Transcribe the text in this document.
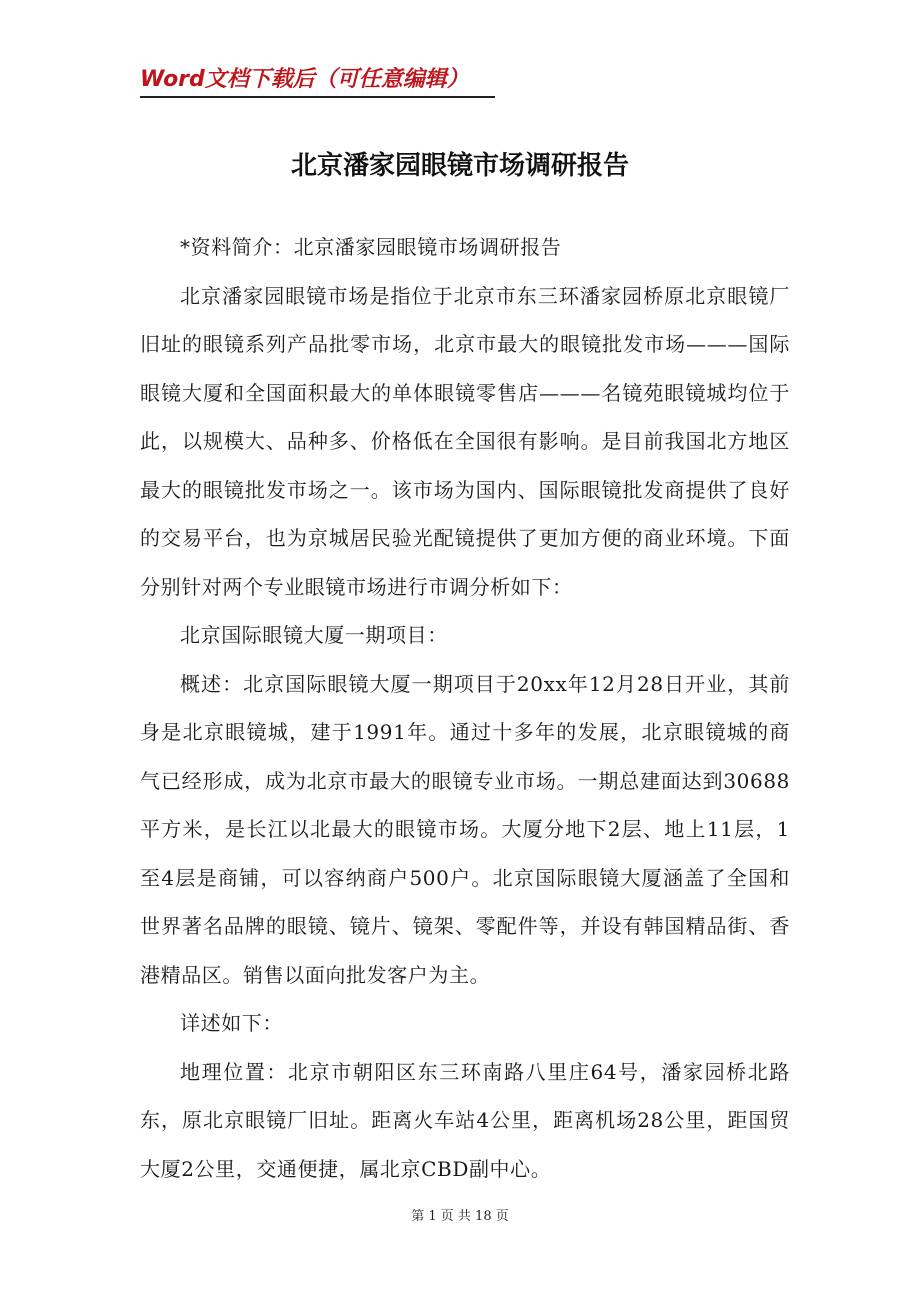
Word文档下载后（可任意编辑）
北京潘家园眼镜市场调研报告

*资料简介：北京潘家园眼镜市场调研报告

北京潘家园眼镜市场是指位于北京市东三环潘家园桥原北京眼镜厂旧址的眼镜系列产品批零市场，北京市最大的眼镜批发市场———国际眼镜大厦和全国面积最大的单体眼镜零售店———名镜苑眼镜城均位于此，以规模大、品种多、价格低在全国很有影响。是目前我国北方地区最大的眼镜批发市场之一。该市场为国内、国际眼镜批发商提供了良好的交易平台，也为京城居民验光配镜提供了更加方便的商业环境。下面分别针对两个专业眼镜市场进行市调分析如下：

北京国际眼镜大厦一期项目：

概述：北京国际眼镜大厦一期项目于20xx年12月28日开业，其前身是北京眼镜城，建于1991年。通过十多年的发展，北京眼镜城的商气已经形成，成为北京市最大的眼镜专业市场。一期总建面达到30688平方米，是长江以北最大的眼镜市场。大厦分地下2层、地上11层，1至4层是商铺，可以容纳商户500户。北京国际眼镜大厦涵盖了全国和世界著名品牌的眼镜、镜片、镜架、零配件等，并设有韩国精品街、香港精品区。销售以面向批发客户为主。

详述如下：

地理位置：北京市朝阳区东三环南路八里庄64号，潘家园桥北路东，原北京眼镜厂旧址。距离火车站4公里，距离机场28公里，距国贸大厦2公里，交通便捷，属北京CBD副中心。

第 1 页 共 18 页
